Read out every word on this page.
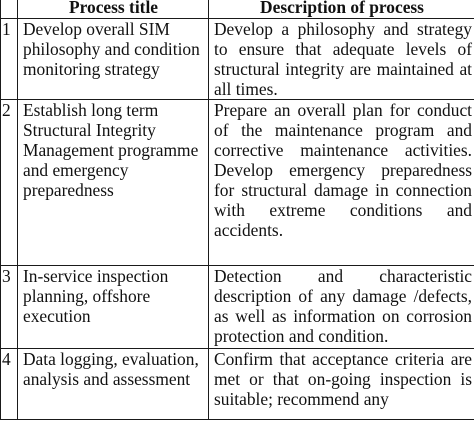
	Process title	Description of process
1	Develop overall SIM philosophy and condition monitoring strategy	Develop a philosophy and strategy to ensure that adequate levels of structural integrity are maintained at all times.
2	Establish long term Structural Integrity Management programme and emergency preparedness	Prepare an overall plan for conduct of the maintenance program and corrective maintenance activities. Develop emergency preparedness for structural damage in connection with extreme conditions and accidents.
3	In-service inspection planning, offshore execution	Detection and characteristic description of any damage /defects, as well as information on corrosion protection and condition.
4	Data logging, evaluation, analysis and assessment	Confirm that acceptance criteria are met or that on-going inspection is suitable; recommend any
